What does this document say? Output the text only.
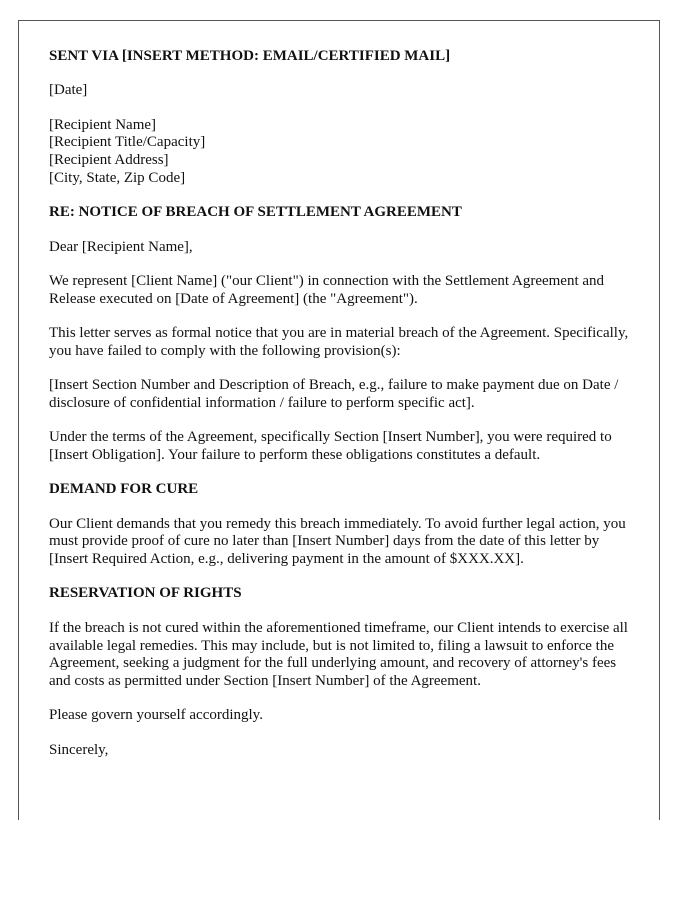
SENT VIA [INSERT METHOD: EMAIL/CERTIFIED MAIL]

[Date]

[Recipient Name]
[Recipient Title/Capacity]
[Recipient Address]
[City, State, Zip Code]

RE: NOTICE OF BREACH OF SETTLEMENT AGREEMENT

Dear [Recipient Name],

We represent [Client Name] ("our Client") in connection with the Settlement Agreement and Release executed on [Date of Agreement] (the "Agreement").

This letter serves as formal notice that you are in material breach of the Agreement. Specifically, you have failed to comply with the following provision(s):

[Insert Section Number and Description of Breach, e.g., failure to make payment due on Date / disclosure of confidential information / failure to perform specific act].

Under the terms of the Agreement, specifically Section [Insert Number], you were required to [Insert Obligation]. Your failure to perform these obligations constitutes a default.

DEMAND FOR CURE

Our Client demands that you remedy this breach immediately. To avoid further legal action, you must provide proof of cure no later than [Insert Number] days from the date of this letter by [Insert Required Action, e.g., delivering payment in the amount of $XXX.XX].

RESERVATION OF RIGHTS

If the breach is not cured within the aforementioned timeframe, our Client intends to exercise all available legal remedies. This may include, but is not limited to, filing a lawsuit to enforce the Agreement, seeking a judgment for the full underlying amount, and recovery of attorney's fees and costs as permitted under Section [Insert Number] of the Agreement.

Please govern yourself accordingly.

Sincerely,
